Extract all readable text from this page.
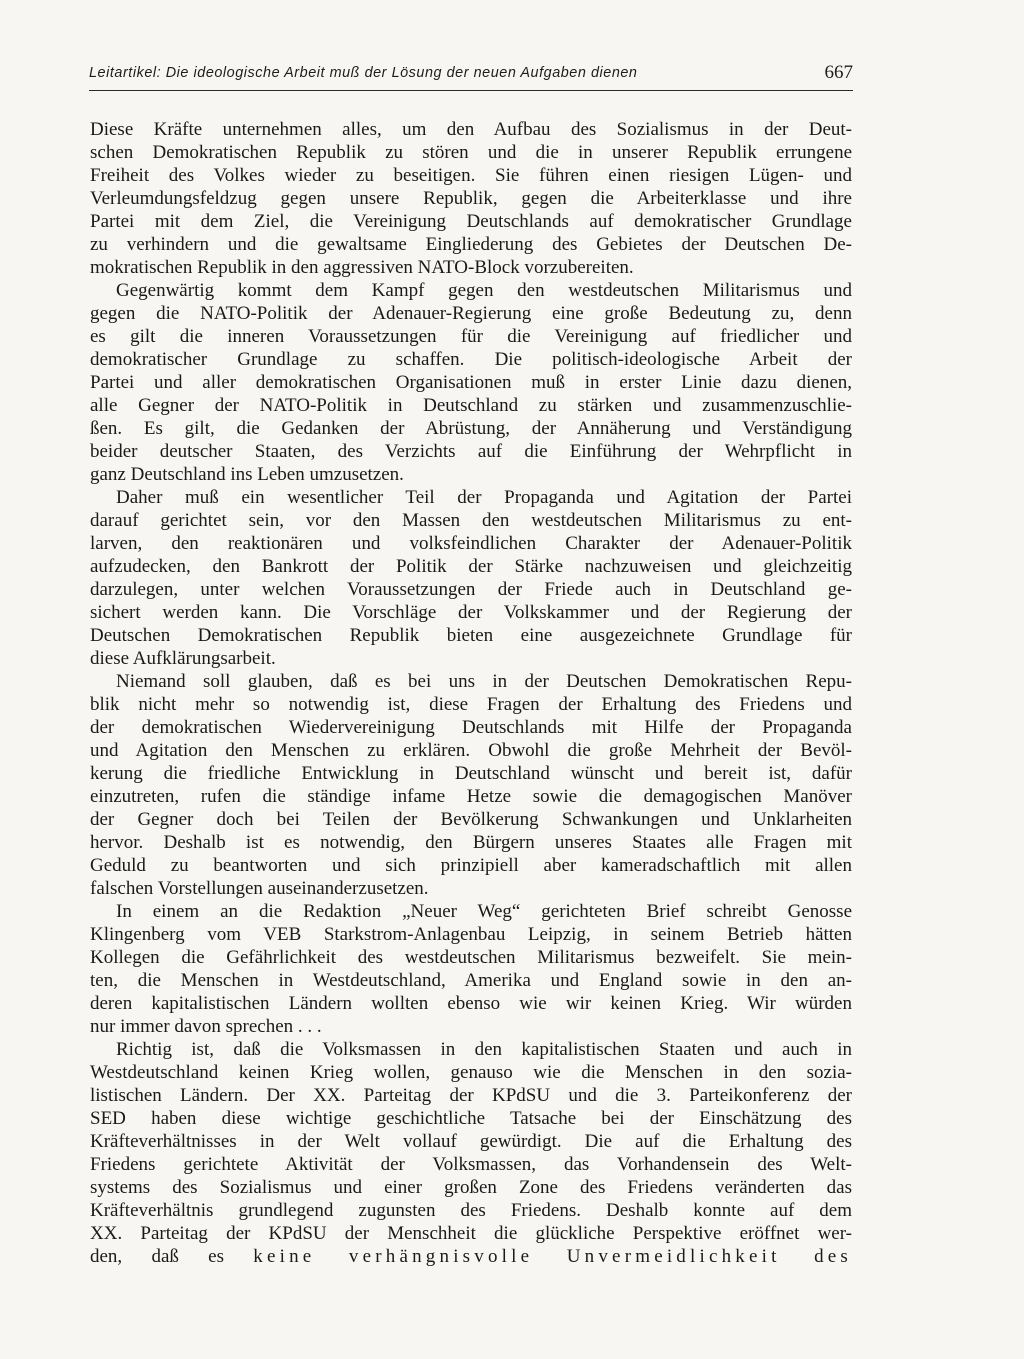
Leitartikel: Die ideologische Arbeit muß der Lösung der neuen Aufgaben dienen	667
Diese Kräfte unternehmen alles, um den Aufbau des Sozialismus in der Deut-
schen Demokratischen Republik zu stören und die in unserer Republik errungene
Freiheit des Volkes wieder zu beseitigen. Sie führen einen riesigen Lügen- und
Verleumdungsfeldzug gegen unsere Republik, gegen die Arbeiterklasse und ihre
Partei mit dem Ziel, die Vereinigung Deutschlands auf demokratischer Grundlage
zu verhindern und die gewaltsame Eingliederung des Gebietes der Deutschen De-
mokratischen Republik in den aggressiven NATO-Block vorzubereiten.
Gegenwärtig kommt dem Kampf gegen den westdeutschen Militarismus und
gegen die NATO-Politik der Adenauer-Regierung eine große Bedeutung zu, denn
es gilt die inneren Voraussetzungen für die Vereinigung auf friedlicher und
demokratischer Grundlage zu schaffen. Die politisch-ideologische Arbeit der
Partei und aller demokratischen Organisationen muß in erster Linie dazu dienen,
alle Gegner der NATO-Politik in Deutschland zu stärken und zusammenzuschlie-
ßen. Es gilt, die Gedanken der Abrüstung, der Annäherung und Verständigung
beider deutscher Staaten, des Verzichts auf die Einführung der Wehrpflicht in
ganz Deutschland ins Leben umzusetzen.
Daher muß ein wesentlicher Teil der Propaganda und Agitation der Partei
darauf gerichtet sein, vor den Massen den westdeutschen Militarismus zu ent-
larven, den reaktionären und volksfeindlichen Charakter der Adenauer-Politik
aufzudecken, den Bankrott der Politik der Stärke nachzuweisen und gleichzeitig
darzulegen, unter welchen Voraussetzungen der Friede auch in Deutschland ge-
sichert werden kann. Die Vorschläge der Volkskammer und der Regierung der
Deutschen Demokratischen Republik bieten eine ausgezeichnete Grundlage für
diese Aufklärungsarbeit.
Niemand soll glauben, daß es bei uns in der Deutschen Demokratischen Repu-
blik nicht mehr so notwendig ist, diese Fragen der Erhaltung des Friedens und
der demokratischen Wiedervereinigung Deutschlands mit Hilfe der Propaganda
und Agitation den Menschen zu erklären. Obwohl die große Mehrheit der Bevöl-
kerung die friedliche Entwicklung in Deutschland wünscht und bereit ist, dafür
einzutreten, rufen die ständige infame Hetze sowie die demagogischen Manöver
der Gegner doch bei Teilen der Bevölkerung Schwankungen und Unklarheiten
hervor. Deshalb ist es notwendig, den Bürgern unseres Staates alle Fragen mit
Geduld zu beantworten und sich prinzipiell aber kameradschaftlich mit allen
falschen Vorstellungen auseinanderzusetzen.
In einem an die Redaktion „Neuer Weg“ gerichteten Brief schreibt Genosse
Klingenberg vom VEB Starkstrom-Anlagenbau Leipzig, in seinem Betrieb hätten
Kollegen die Gefährlichkeit des westdeutschen Militarismus bezweifelt. Sie mein-
ten, die Menschen in Westdeutschland, Amerika und England sowie in den an-
deren kapitalistischen Ländern wollten ebenso wie wir keinen Krieg. Wir würden
nur immer davon sprechen . . .
Richtig ist, daß die Volksmassen in den kapitalistischen Staaten und auch in
Westdeutschland keinen Krieg wollen, genauso wie die Menschen in den sozia-
listischen Ländern. Der XX. Parteitag der KPdSU und die 3. Parteikonferenz der
SED haben diese wichtige geschichtliche Tatsache bei der Einschätzung des
Kräfteverhältnisses in der Welt vollauf gewürdigt. Die auf die Erhaltung des
Friedens gerichtete Aktivität der Volksmassen, das Vorhandensein des Welt-
systems des Sozialismus und einer großen Zone des Friedens veränderten das
Kräfteverhältnis grundlegend zugunsten des Friedens. Deshalb konnte auf dem
XX. Parteitag der KPdSU der Menschheit die glückliche Perspektive eröffnet wer-
den, daß es keine verhängnisvolle Unvermeidlichkeit des
